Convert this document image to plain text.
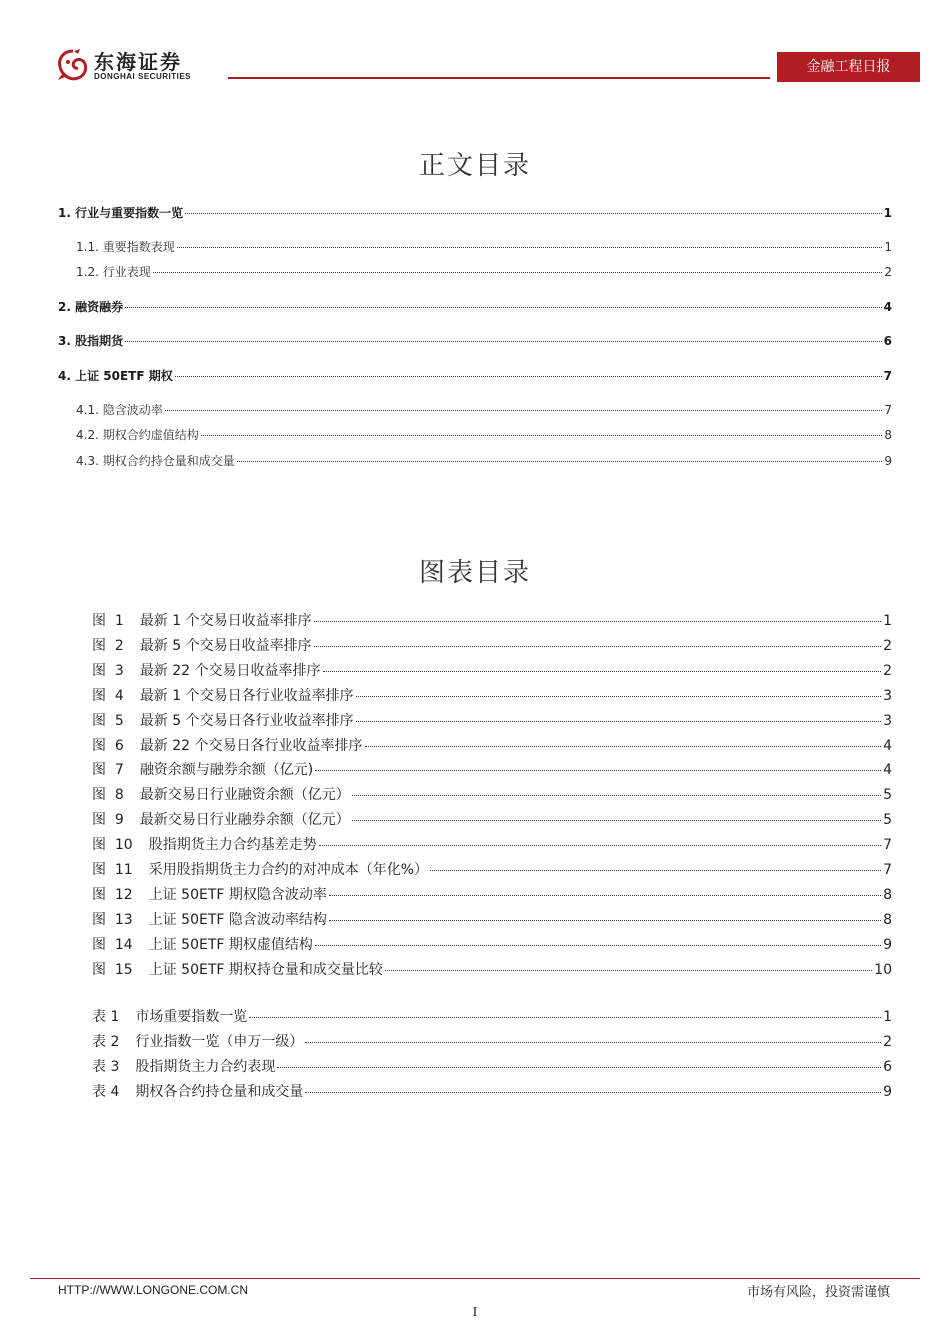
东海证券
DONGHAI SECURITIES
金融工程日报
正文目录
1. 行业与重要指数一览	1
1.1. 重要指数表现	1
1.2. 行业表现	2
2. 融资融券	4
3. 股指期货	6
4. 上证 50ETF 期权	7
4.1. 隐含波动率	7
4.2. 期权合约虚值结构	8
4.3. 期权合约持仓量和成交量	9
图表目录
图  1 最新 1 个交易日收益率排序	1
图  2 最新 5 个交易日收益率排序	2
图  3 最新 22 个交易日收益率排序	2
图  4 最新 1 个交易日各行业收益率排序	3
图  5 最新 5 个交易日各行业收益率排序	3
图  6 最新 22 个交易日各行业收益率排序	4
图  7 融资余额与融券余额（亿元)	4
图  8 最新交易日行业融资余额（亿元）	5
图  9 最新交易日行业融券余额（亿元）	5
图  10 股指期货主力合约基差走势	7
图  11 采用股指期货主力合约的对冲成本（年化%）	7
图  12 上证 50ETF 期权隐含波动率	8
图  13 上证 50ETF 隐含波动率结构	8
图  14 上证 50ETF 期权虚值结构	9
图  15 上证 50ETF 期权持仓量和成交量比较	10
表 1 市场重要指数一览	1
表 2 行业指数一览（申万一级）	2
表 3 股指期货主力合约表现	6
表 4 期权各合约持仓量和成交量	9
HTTP://WWW.LONGONE.COM.CN	市场有风险，投资需谨慎
I
